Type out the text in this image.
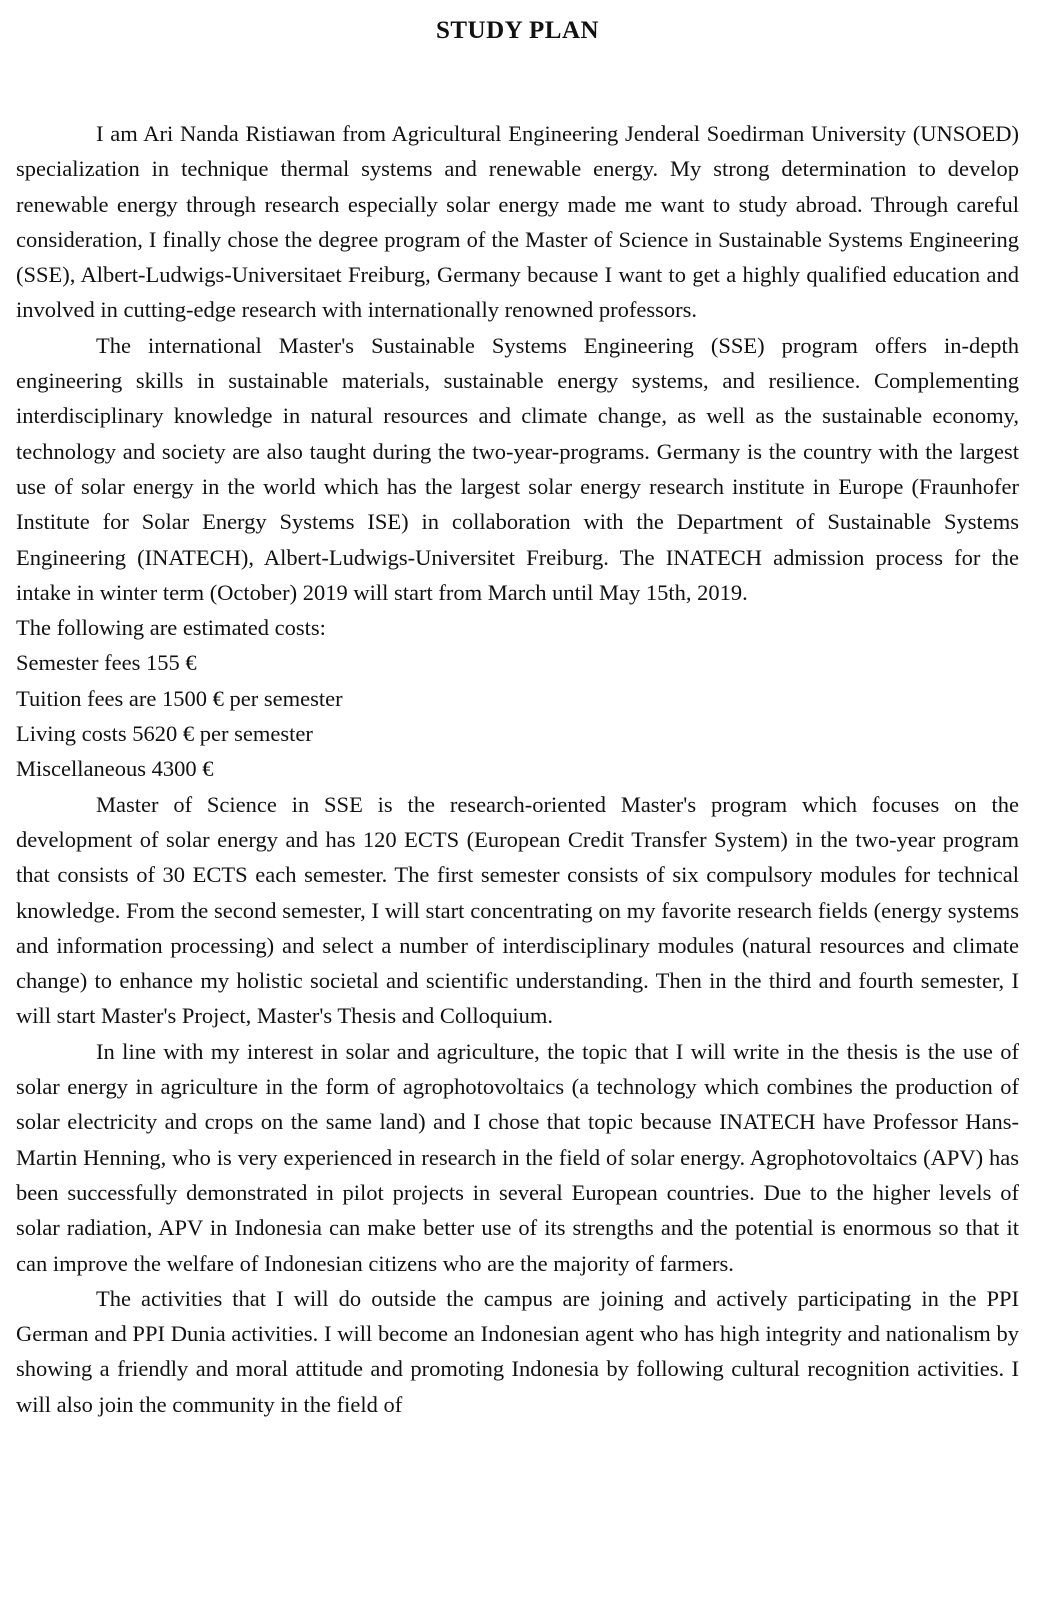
STUDY PLAN

I am Ari Nanda Ristiawan from Agricultural Engineering Jenderal Soedirman University (UNSOED) specialization in technique thermal systems and renewable energy. My strong determination to develop renewable energy through research especially solar energy made me want to study abroad. Through careful consideration, I finally chose the degree program of the Master of Science in Sustainable Systems Engineering (SSE), Albert-Ludwigs-Universitaet Freiburg, Germany because I want to get a highly qualified education and involved in cutting-edge research with internationally renowned professors.

The international Master's Sustainable Systems Engineering (SSE) program offers in-depth engineering skills in sustainable materials, sustainable energy systems, and resilience. Complementing interdisciplinary knowledge in natural resources and climate change, as well as the sustainable economy, technology and society are also taught during the two-year-programs. Germany is the country with the largest use of solar energy in the world which has the largest solar energy research institute in Europe (Fraunhofer Institute for Solar Energy Systems ISE) in collaboration with the Department of Sustainable Systems Engineering (INATECH), Albert-Ludwigs-Universitet Freiburg. The INATECH admission process for the intake in winter term (October) 2019 will start from March until May 15th, 2019.

The following are estimated costs:

Semester fees 155 €

Tuition fees are 1500 € per semester

Living costs 5620 € per semester

Miscellaneous 4300 €

Master of Science in SSE is the research-oriented Master's program which focuses on the development of solar energy and has 120 ECTS (European Credit Transfer System) in the two-year program that consists of 30 ECTS each semester. The first semester consists of six compulsory modules for technical knowledge. From the second semester, I will start concentrating on my favorite research fields (energy systems and information processing) and select a number of interdisciplinary modules (natural resources and climate change) to enhance my holistic societal and scientific understanding. Then in the third and fourth semester, I will start Master's Project, Master's Thesis and Colloquium.

In line with my interest in solar and agriculture, the topic that I will write in the thesis is the use of solar energy in agriculture in the form of agrophotovoltaics (a technology which combines the production of solar electricity and crops on the same land) and I chose that topic because INATECH have Professor Hans-Martin Henning, who is very experienced in research in the field of solar energy. Agrophotovoltaics (APV) has been successfully demonstrated in pilot projects in several European countries. Due to the higher levels of solar radiation, APV in Indonesia can make better use of its strengths and the potential is enormous so that it can improve the welfare of Indonesian citizens who are the majority of farmers.

The activities that I will do outside the campus are joining and actively participating in the PPI German and PPI Dunia activities. I will become an Indonesian agent who has high integrity and nationalism by showing a friendly and moral attitude and promoting Indonesia by following cultural recognition activities. I will also join the community in the field of
